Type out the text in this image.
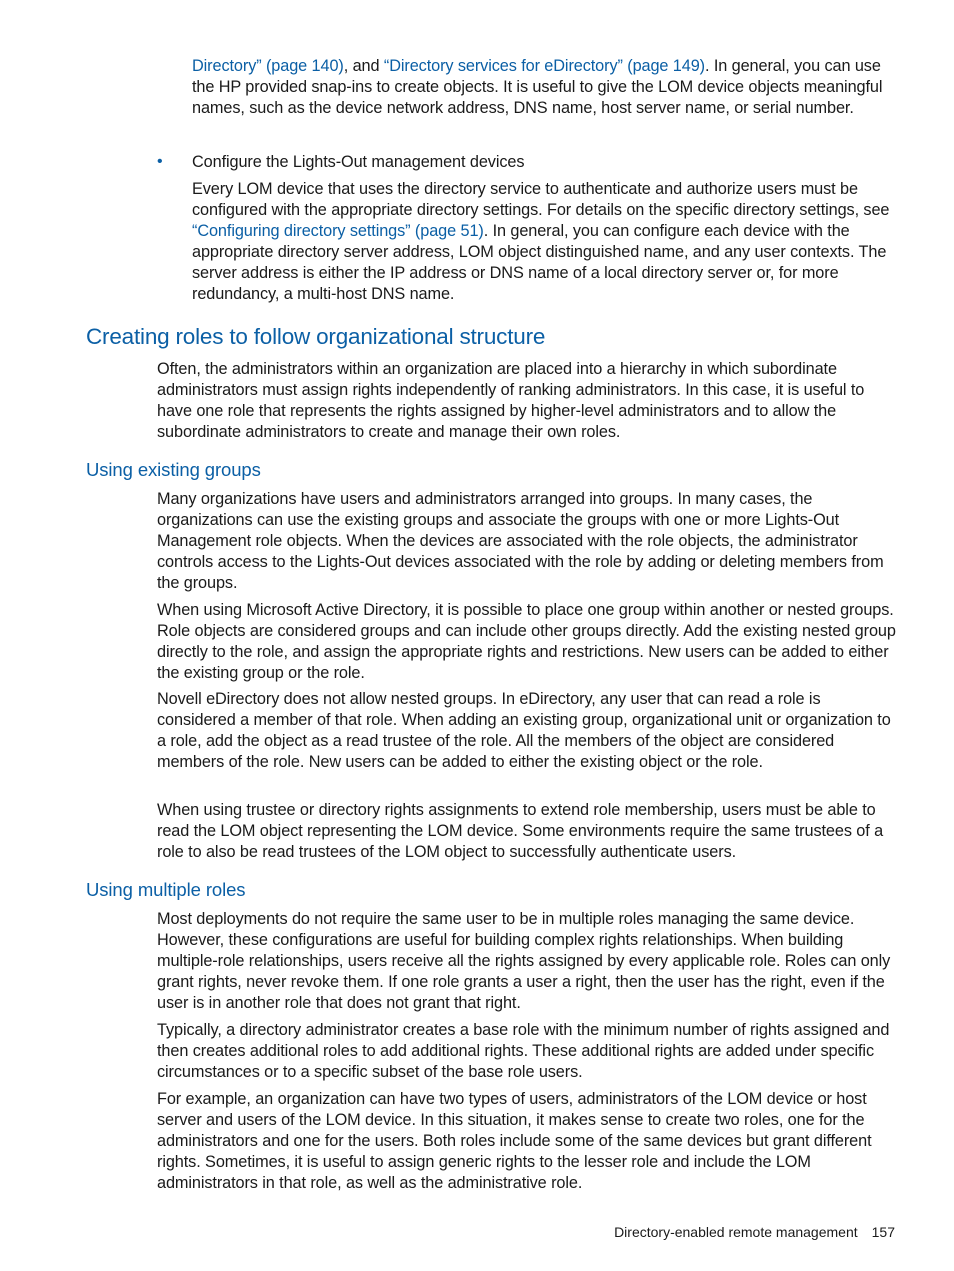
Directory” (page 140), and “Directory services for eDirectory” (page 149). In general, you can use the HP provided snap-ins to create objects. It is useful to give the LOM device objects meaningful names, such as the device network address, DNS name, host server name, or serial number.

• Configure the Lights-Out management devices

Every LOM device that uses the directory service to authenticate and authorize users must be configured with the appropriate directory settings. For details on the specific directory settings, see “Configuring directory settings” (page 51). In general, you can configure each device with the appropriate directory server address, LOM object distinguished name, and any user contexts. The server address is either the IP address or DNS name of a local directory server or, for more redundancy, a multi-host DNS name.

Creating roles to follow organizational structure

Often, the administrators within an organization are placed into a hierarchy in which subordinate administrators must assign rights independently of ranking administrators. In this case, it is useful to have one role that represents the rights assigned by higher-level administrators and to allow the subordinate administrators to create and manage their own roles.

Using existing groups

Many organizations have users and administrators arranged into groups. In many cases, the organizations can use the existing groups and associate the groups with one or more Lights-Out Management role objects. When the devices are associated with the role objects, the administrator controls access to the Lights-Out devices associated with the role by adding or deleting members from the groups.

When using Microsoft Active Directory, it is possible to place one group within another or nested groups. Role objects are considered groups and can include other groups directly. Add the existing nested group directly to the role, and assign the appropriate rights and restrictions. New users can be added to either the existing group or the role.

Novell eDirectory does not allow nested groups. In eDirectory, any user that can read a role is considered a member of that role. When adding an existing group, organizational unit or organization to a role, add the object as a read trustee of the role. All the members of the object are considered members of the role. New users can be added to either the existing object or the role.

When using trustee or directory rights assignments to extend role membership, users must be able to read the LOM object representing the LOM device. Some environments require the same trustees of a role to also be read trustees of the LOM object to successfully authenticate users.

Using multiple roles

Most deployments do not require the same user to be in multiple roles managing the same device. However, these configurations are useful for building complex rights relationships. When building multiple-role relationships, users receive all the rights assigned by every applicable role. Roles can only grant rights, never revoke them. If one role grants a user a right, then the user has the right, even if the user is in another role that does not grant that right.

Typically, a directory administrator creates a base role with the minimum number of rights assigned and then creates additional roles to add additional rights. These additional rights are added under specific circumstances or to a specific subset of the base role users.

For example, an organization can have two types of users, administrators of the LOM device or host server and users of the LOM device. In this situation, it makes sense to create two roles, one for the administrators and one for the users. Both roles include some of the same devices but grant different rights. Sometimes, it is useful to assign generic rights to the lesser role and include the LOM administrators in that role, as well as the administrative role.

Directory-enabled remote management 157
